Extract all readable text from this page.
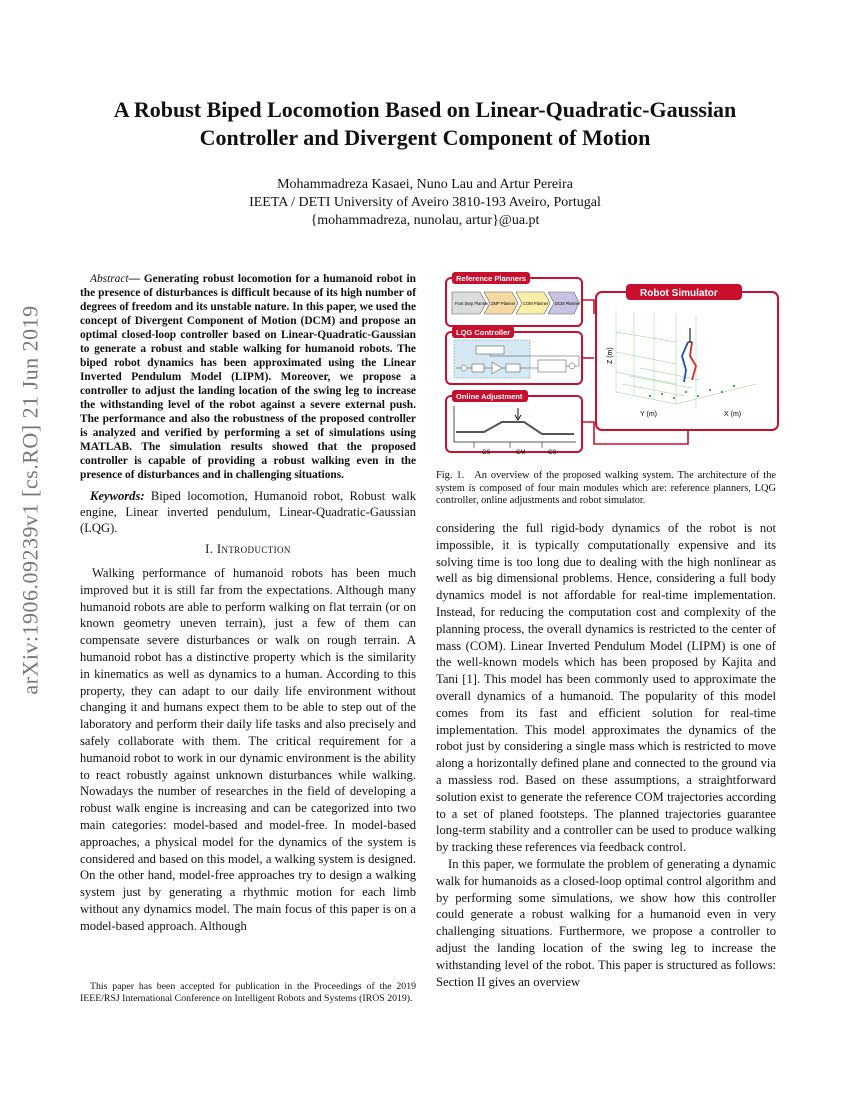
arXiv:1906.09239v1 [cs.RO] 21 Jun 2019
A Robust Biped Locomotion Based on Linear-Quadratic-Gaussian
Controller and Divergent Component of Motion
Mohammadreza Kasaei, Nuno Lau and Artur Pereira
IEETA / DETI University of Aveiro 3810-193 Aveiro, Portugal
{mohammadreza, nunolau, artur}@ua.pt

Abstract— Generating robust locomotion for a humanoid robot in the presence of disturbances is difficult because of its high number of degrees of freedom and its unstable nature. In this paper, we used the concept of Divergent Component of Motion (DCM) and propose an optimal closed-loop controller based on Linear-Quadratic-Gaussian to generate a robust and stable walking for humanoid robots. The biped robot dynamics has been approximated using the Linear Inverted Pendulum Model (LIPM). Moreover, we propose a controller to adjust the landing location of the swing leg to increase the withstanding level of the robot against a severe external push. The performance and also the robustness of the proposed controller is analyzed and verified by performing a set of simulations using MATLAB. The simulation results showed that the proposed controller is capable of providing a robust walking even in the presence of disturbances and in challenging situations.

Keywords: Biped locomotion, Humanoid robot, Robust walk engine, Linear inverted pendulum, Linear-Quadratic-Gaussian (LQG).

I. Introduction

Walking performance of humanoid robots has been much improved but it is still far from the expectations. Although many humanoid robots are able to perform walking on flat terrain (or on known geometry uneven terrain), just a few of them can compensate severe disturbances or walk on rough terrain. A humanoid robot has a distinctive property which is the similarity in kinematics as well as dynamics to a human. According to this property, they can adapt to our daily life environment without changing it and humans expect them to be able to step out of the laboratory and perform their daily life tasks and also precisely and safely collaborate with them. The critical requirement for a humanoid robot to work in our dynamic environment is the ability to react robustly against unknown disturbances while walking. Nowadays the number of researches in the field of developing a robust walk engine is increasing and can be categorized into two main categories: model-based and model-free. In model-based approaches, a physical model for the dynamics of the system is considered and based on this model, a walking system is designed. On the other hand, model-free approaches try to design a walking system just by generating a rhythmic motion for each limb without any dynamics model. The main focus of this paper is on a model-based approach. Although

This paper has been accepted for publication in the Proceedings of the 2019 IEEE/RSJ International Conference on Intelligent Robots and Systems (IROS 2019).
Reference Planners
Foot Step Planner ZMP Planner COM Planner DCM Planner
LQG Controller
Online Adjustment
CS	CM	CS
Robot Simulator
Z (m)
Y (m)	X (m)
Fig. 1. An overview of the proposed walking system. The architecture of the system is composed of four main modules which are: reference planners, LQG controller, online adjustments and robot simulator.

considering the full rigid-body dynamics of the robot is not impossible, it is typically computationally expensive and its solving time is too long due to dealing with the high nonlinear as well as big dimensional problems. Hence, considering a full body dynamics model is not affordable for real-time implementation. Instead, for reducing the computation cost and complexity of the planning process, the overall dynamics is restricted to the center of mass (COM). Linear Inverted Pendulum Model (LIPM) is one of the well-known models which has been proposed by Kajita and Tani [1]. This model has been commonly used to approximate the overall dynamics of a humanoid. The popularity of this model comes from its fast and efficient solution for real-time implementation. This model approximates the dynamics of the robot just by considering a single mass which is restricted to move along a horizontally defined plane and connected to the ground via a massless rod. Based on these assumptions, a straightforward solution exist to generate the reference COM trajectories according to a set of planed footsteps. The planned trajectories guarantee long-term stability and a controller can be used to produce walking by tracking these references via feedback control.

In this paper, we formulate the problem of generating a dynamic walk for humanoids as a closed-loop optimal control algorithm and by performing some simulations, we show how this controller could generate a robust walking for a humanoid even in very challenging situations. Furthermore, we propose a controller to adjust the landing location of the swing leg to increase the withstanding level of the robot. This paper is structured as follows: Section II gives an overview
